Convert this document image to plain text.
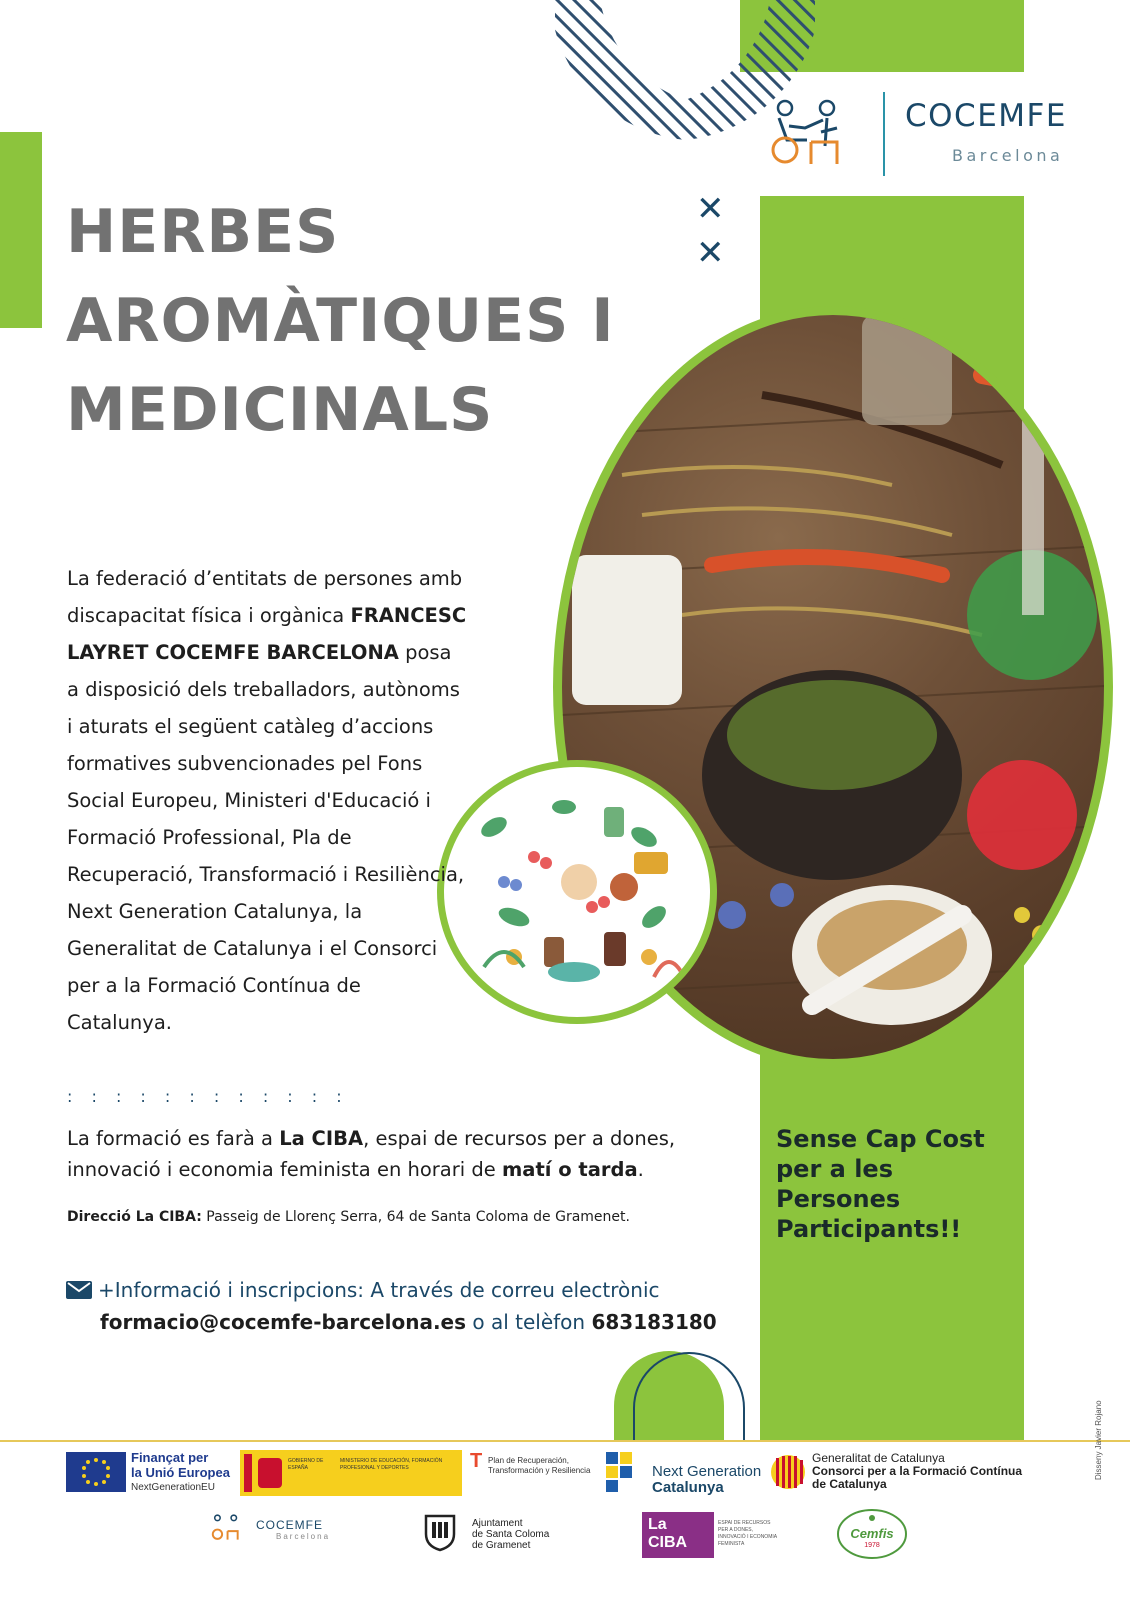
COCEMFE
Barcelona
HERBES
AROMÀTIQUES I
MEDICINALS
✕
✕

La federació d’entitats de persones amb discapacitat física i orgànica FRANCESC LAYRET COCEMFE BARCELONA posa a disposició dels treballadors, autònoms i aturats el següent catàleg d’accions formatives subvencionades pel Fons Social Europeu, Ministeri d'Educació i Formació Professional, Pla de Recuperació, Transformació i Resiliència, Next Generation Catalunya, la Generalitat de Catalunya i el Consorci per a la Formació Contínua de Catalunya.

: : : : : : : : : : : :

La formació es farà a La CIBA, espai de recursos per a dones, innovació i economia feminista en horari de matí o tarda.

Direcció La CIBA: Passeig de Llorenç Serra, 64 de Santa Coloma de Gramenet.

+Informació i inscripcions: A través de correu electrònic
formacio@cocemfe-barcelona.es o al telèfon 683183180
Sense Cap Cost
per a les
Persones
Participants!!
Finançat per
la Unió Europea
NextGenerationEU
GOBIERNO DE ESPAÑA
MINISTERIO DE EDUCACIÓN, FORMACIÓN PROFESIONAL Y DEPORTES	T Plan de Recuperación,
Transformación y Resiliencia	Next Generation
Catalunya
Generalitat de Catalunya
Consorci per a la Formació Contínua
de Catalunya
COCEMFE
Barcelona
Ajuntament
de Santa Coloma
de Gramenet
La CIBA
ESPAI DE RECURSOS PER A DONES, INNOVACIÓ I ECONOMIA FEMINISTA
Cemfis
1978
Disseny Javier Rojano
